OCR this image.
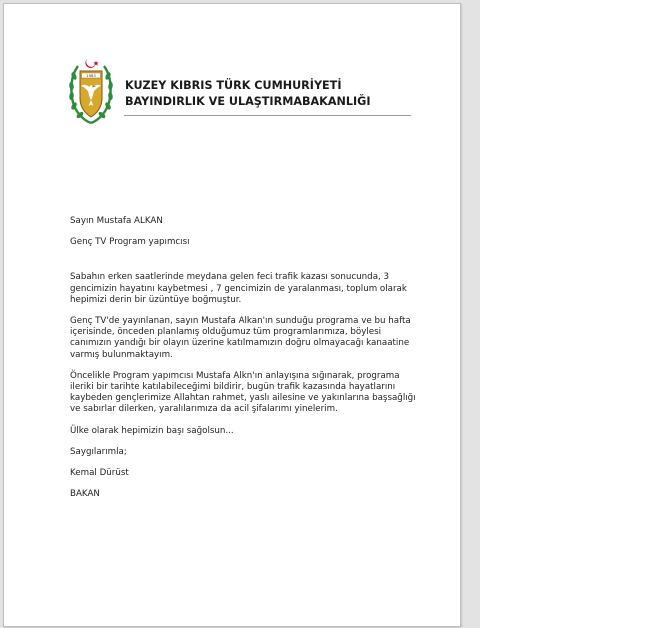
1983
KUZEY KIBRIS TÜRK CUMHURİYETİ
BAYINDIRLIK VE ULAŞTIRMABAKANLIĞI

Sayın Mustafa ALKAN

Genç TV Program yapımcısı

Sabahın erken saatlerinde meydana gelen feci trafik kazası sonucunda, 3 gencimizin hayatını kaybetmesi , 7 gencimizin de yaralanması, toplum olarak hepimizi derin bir üzüntüye boğmuştur.

Genç TV'de yayınlanan, sayın Mustafa Alkan'ın sunduğu programa ve bu hafta içerisinde, önceden planlamış olduğumuz tüm programlarımıza, böylesi canımızın yandığı bir olayın üzerine katılmamızın doğru olmayacağı kanaatine varmış bulunmaktayım.

Öncelikle Program yapımcısı Mustafa Alkn'ın anlayışına sığınarak, programa ileriki bir tarihte katılabileceğimi bildirir, bugün trafik kazasında hayatlarını kaybeden gençlerimize Allahtan rahmet, yaslı ailesine ve yakınlarına başsağlığı ve sabırlar dilerken, yaralılarımıza da acil şifalarımı yinelerim.

Ülke olarak hepimizin başı sağolsun...

Saygılarımla;

Kemal Dürüst

BAKAN
